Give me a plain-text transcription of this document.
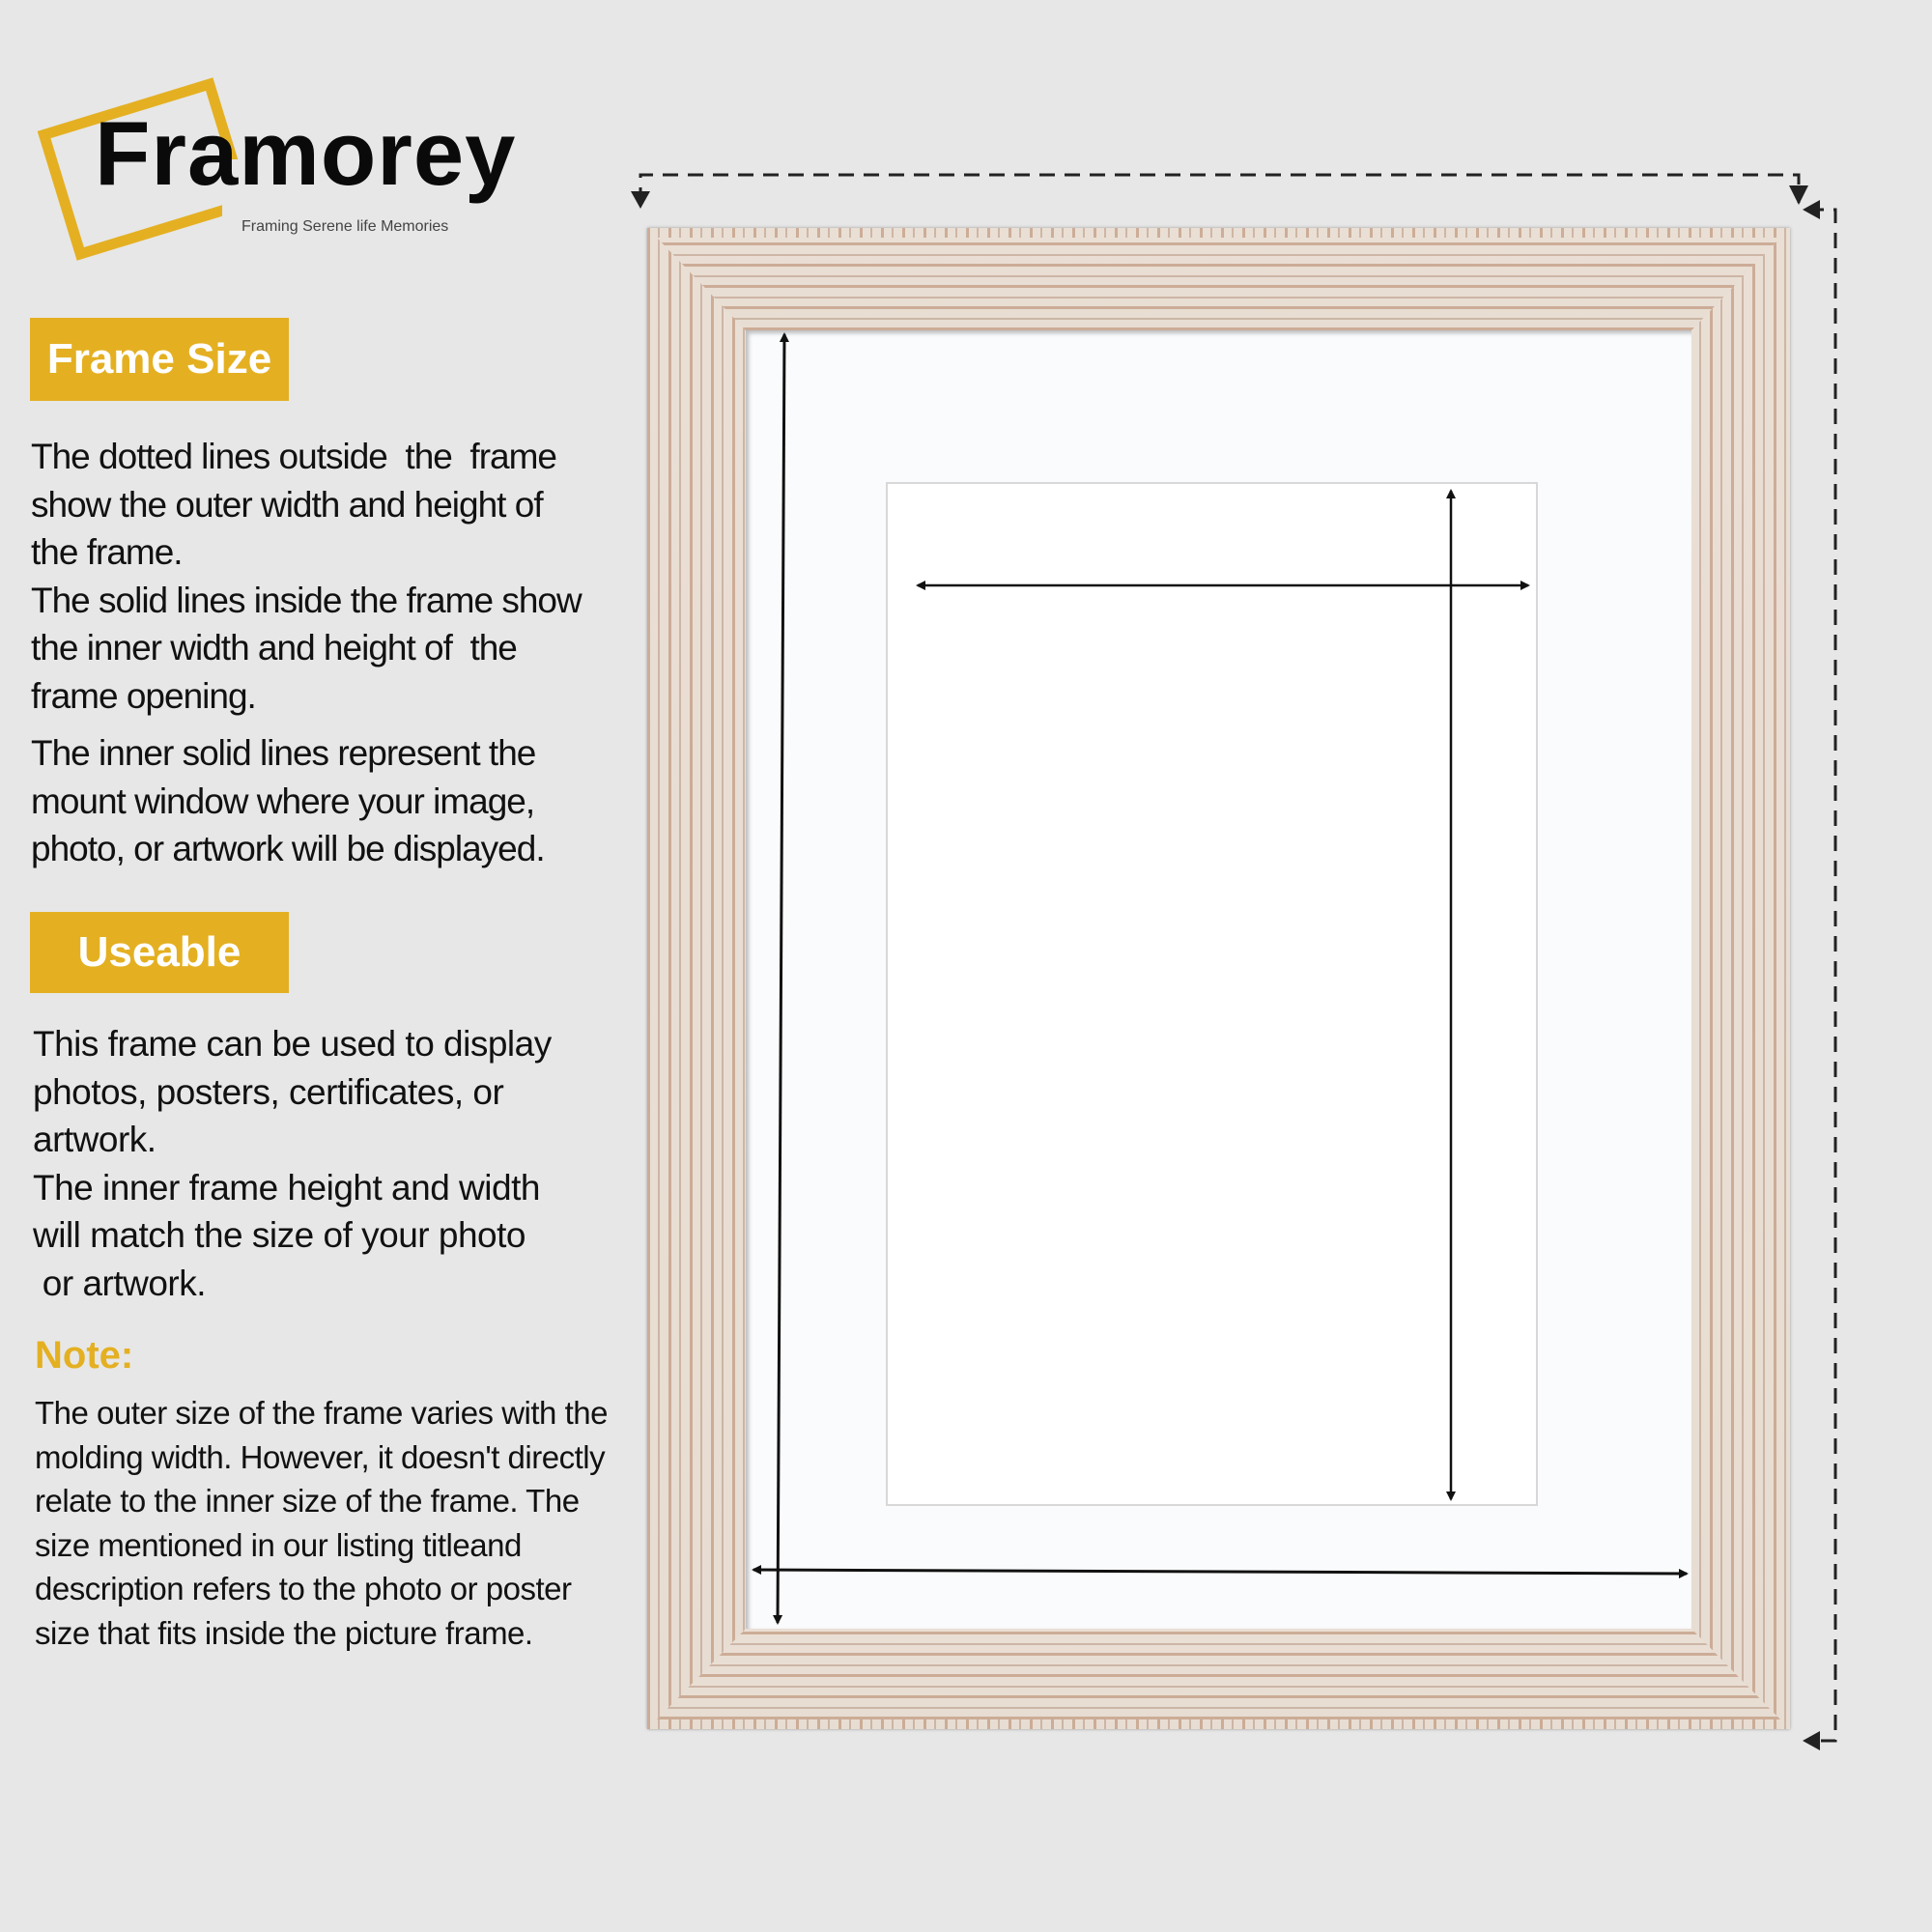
Framorey
Framing Serene life Memories
Frame Size
The dotted lines outside  the  frame
show the outer width and height of
the frame.
The solid lines inside the frame show
the inner width and height of  the
frame opening.
The inner solid lines represent the
mount window where your image,
photo, or artwork will be displayed.
Useable
This frame can be used to display
photos, posters, certificates, or
artwork.
The inner frame height and width
will match the size of your photo
or artwork.
Note:
The outer size of the frame varies with the molding width. However, it doesn't directly relate to the inner size of the frame. The size mentioned in our listing titleand description refers to the photo or poster size that fits inside the picture frame.
